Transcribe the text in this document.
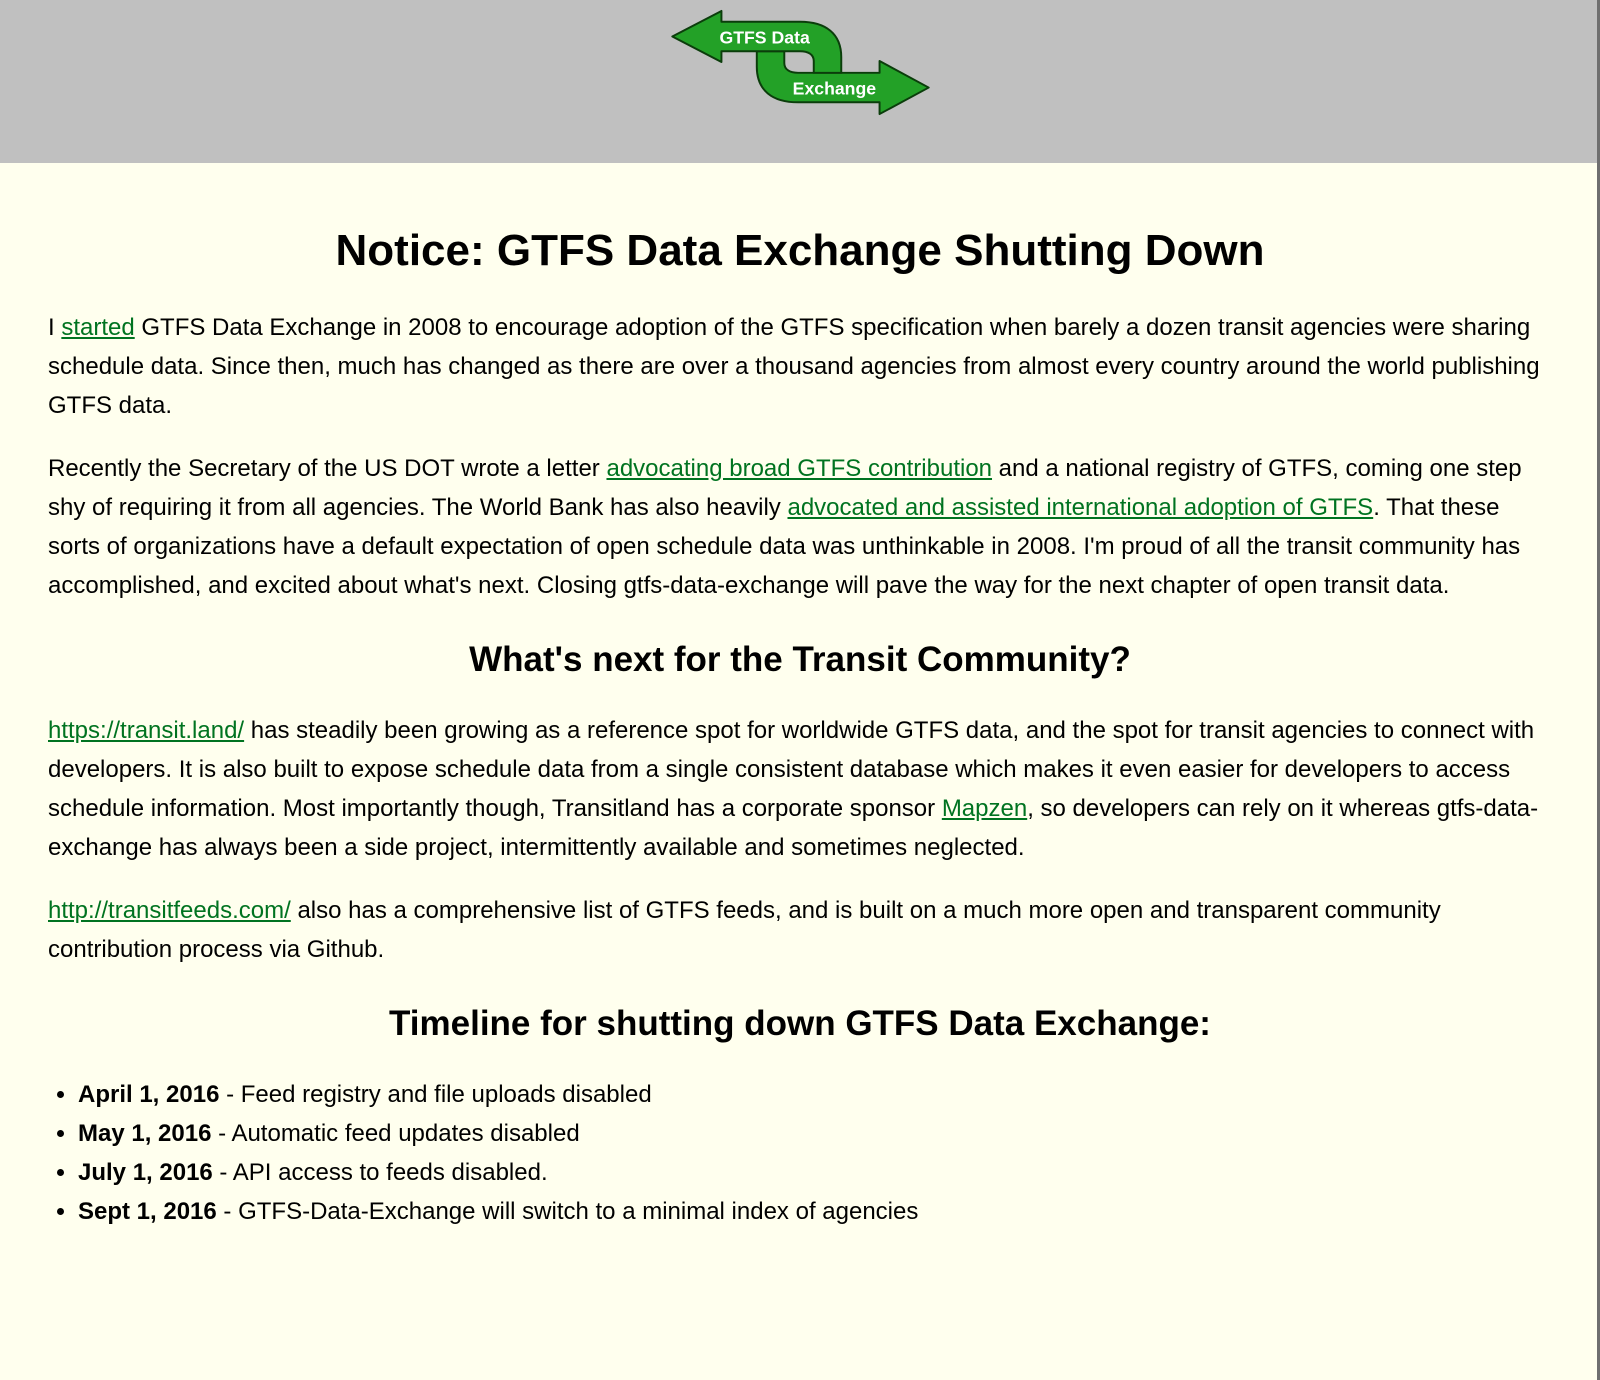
GTFS Data
Exchange
Notice: GTFS Data Exchange Shutting Down

I started GTFS Data Exchange in 2008 to encourage adoption of the GTFS specification when barely a dozen transit agencies were sharing schedule data. Since then, much has changed as there are over a thousand agencies from almost every country around the world publishing GTFS data.

Recently the Secretary of the US DOT wrote a letter advocating broad GTFS contribution and a national registry of GTFS, coming one step shy of requiring it from all agencies. The World Bank has also heavily advocated and assisted international adoption of GTFS. That these sorts of organizations have a default expectation of open schedule data was unthinkable in 2008. I'm proud of all the transit community has accomplished, and excited about what's next. Closing gtfs-data-exchange will pave the way for the next chapter of open transit data.

What's next for the Transit Community?

https://transit.land/ has steadily been growing as a reference spot for worldwide GTFS data, and the spot for transit agencies to connect with developers. It is also built to expose schedule data from a single consistent database which makes it even easier for developers to access schedule information. Most importantly though, Transitland has a corporate sponsor Mapzen, so developers can rely on it whereas gtfs-data-exchange has always been a side project, intermittently available and sometimes neglected.

http://transitfeeds.com/ also has a comprehensive list of GTFS feeds, and is built on a much more open and transparent community contribution process via Github.

Timeline for shutting down GTFS Data Exchange:
• April 1, 2016 - Feed registry and file uploads disabled
• May 1, 2016 - Automatic feed updates disabled
• July 1, 2016 - API access to feeds disabled.
• Sept 1, 2016 - GTFS-Data-Exchange will switch to a minimal index of agencies
